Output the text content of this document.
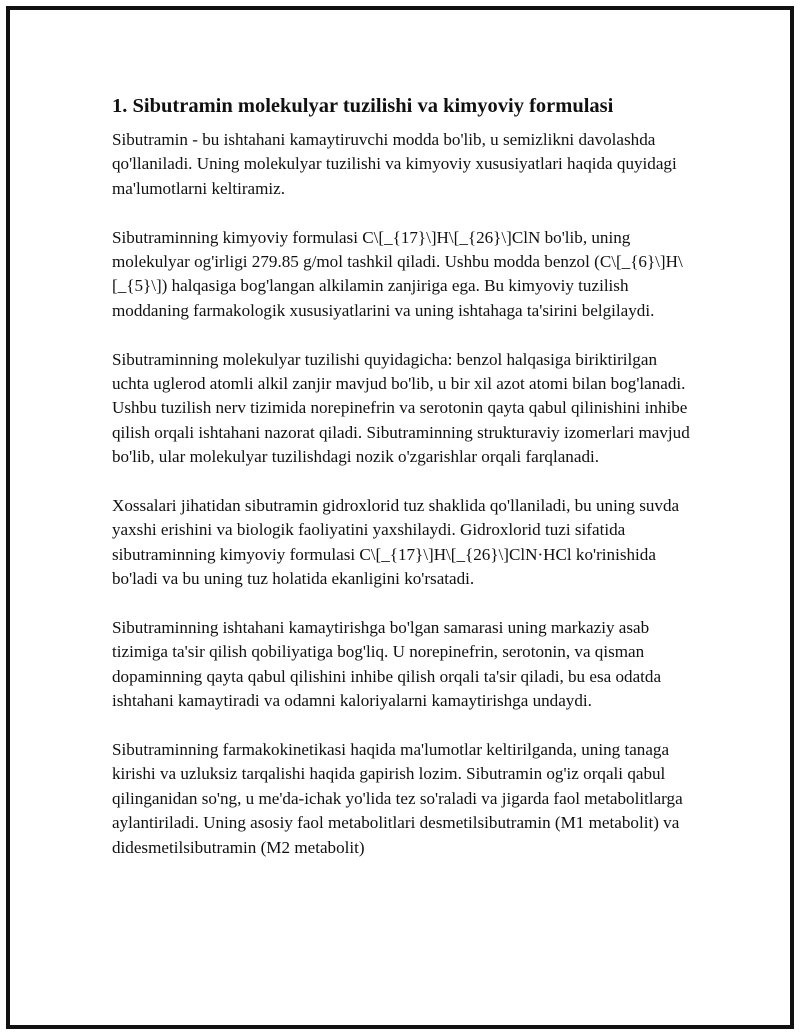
1. Sibutramin molekulyar tuzilishi va kimyoviy formulasi

Sibutramin - bu ishtahani kamaytiruvchi modda bo'lib, u semizlikni davolashda qo'llaniladi. Uning molekulyar tuzilishi va kimyoviy xususiyatlari haqida quyidagi ma'lumotlarni keltiramiz.

Sibutraminning kimyoviy formulasi C\[_{17}\]H\[_{26}\]ClN bo'lib, uning molekulyar og'irligi 279.85 g/mol tashkil qiladi. Ushbu modda benzol (C\[_{6}\]H\[_{5}\]) halqasiga bog'langan alkilamin zanjiriga ega. Bu kimyoviy tuzilish moddaning farmakologik xususiyatlarini va uning ishtahaga ta'sirini belgilaydi.

Sibutraminning molekulyar tuzilishi quyidagicha: benzol halqasiga biriktirilgan uchta uglerod atomli alkil zanjir mavjud bo'lib, u bir xil azot atomi bilan bog'lanadi. Ushbu tuzilish nerv tizimida norepinefrin va serotonin qayta qabul qilinishini inhibe qilish orqali ishtahani nazorat qiladi. Sibutraminning strukturaviy izomerlari mavjud bo'lib, ular molekulyar tuzilishdagi nozik o'zgarishlar orqali farqlanadi.

Xossalari jihatidan sibutramin gidroxlorid tuz shaklida qo'llaniladi, bu uning suvda yaxshi erishini va biologik faoliyatini yaxshilaydi. Gidroxlorid tuzi sifatida sibutraminning kimyoviy formulasi C\[_{17}\]H\[_{26}\]ClN·HCl ko'rinishida bo'ladi va bu uning tuz holatida ekanligini ko'rsatadi.

Sibutraminning ishtahani kamaytirishga bo'lgan samarasi uning markaziy asab tizimiga ta'sir qilish qobiliyatiga bog'liq. U norepinefrin, serotonin, va qisman dopaminning qayta qabul qilishini inhibe qilish orqali ta'sir qiladi, bu esa odatda ishtahani kamaytiradi va odamni kaloriyalarni kamaytirishga undaydi.

Sibutraminning farmakokinetikasi haqida ma'lumotlar keltirilganda, uning tanaga kirishi va uzluksiz tarqalishi haqida gapirish lozim. Sibutramin og'iz orqali qabul qilinganidan so'ng, u me'da-ichak yo'lida tez so'raladi va jigarda faol metabolitlarga aylantiriladi. Uning asosiy faol metabolitlari desmetilsibutramin (M1 metabolit) va didesmetilsibutramin (M2 metabolit)
